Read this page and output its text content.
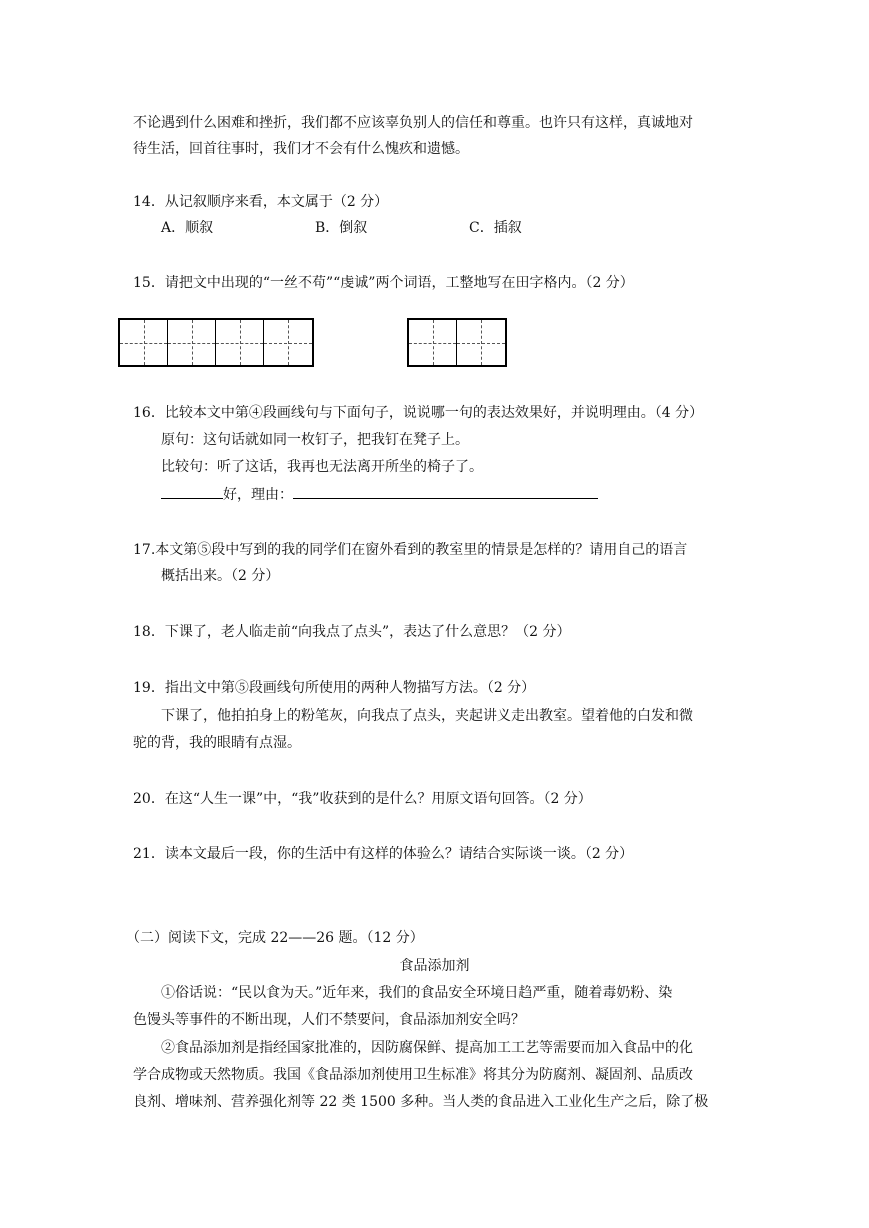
不论遇到什么困难和挫折，我们都不应该辜负别人的信任和尊重。也许只有这样，真诚地对
待生活，回首往事时，我们才不会有什么愧疚和遗憾。
14．从记叙顺序来看，本文属于（2 分）
A．顺叙	B．倒叙	C．插叙
15．请把文中出现的“一丝不苟”“虔诚”两个词语，工整地写在田字格内。（2 分）
16．比较本文中第④段画线句与下面句子，说说哪一句的表达效果好，并说明理由。（4 分）
原句：这句话就如同一枚钉子，把我钉在凳子上。
比较句：听了这话，我再也无法离开所坐的椅子了。
好，理由：
17.本文第⑤段中写到的我的同学们在窗外看到的教室里的情景是怎样的？请用自己的语言
概括出来。（2 分）
18．下课了，老人临走前“向我点了点头”，表达了什么意思？（2 分）
19．指出文中第⑤段画线句所使用的两种人物描写方法。（2 分）
下课了，他拍拍身上的粉笔灰，向我点了点头，夹起讲义走出教室。望着他的白发和微
驼的背，我的眼睛有点湿。
20．在这“人生一课”中，“我”收获到的是什么？用原文语句回答。（2 分）
21．读本文最后一段，你的生活中有这样的体验么？请结合实际谈一谈。（2 分）
（二）阅读下文，完成 22——26 题。（12 分）
食品添加剂
①俗话说：“民以食为天。”近年来，我们的食品安全环境日趋严重，随着毒奶粉、染
色馒头等事件的不断出现，人们不禁要问，食品添加剂安全吗？
②食品添加剂是指经国家批准的，因防腐保鲜、提高加工工艺等需要而加入食品中的化
学合成物或天然物质。我国《食品添加剂使用卫生标准》将其分为防腐剂、凝固剂、品质改
良剂、增味剂、营养强化剂等 22 类 1500 多种。当人类的食品进入工业化生产之后，除了极
